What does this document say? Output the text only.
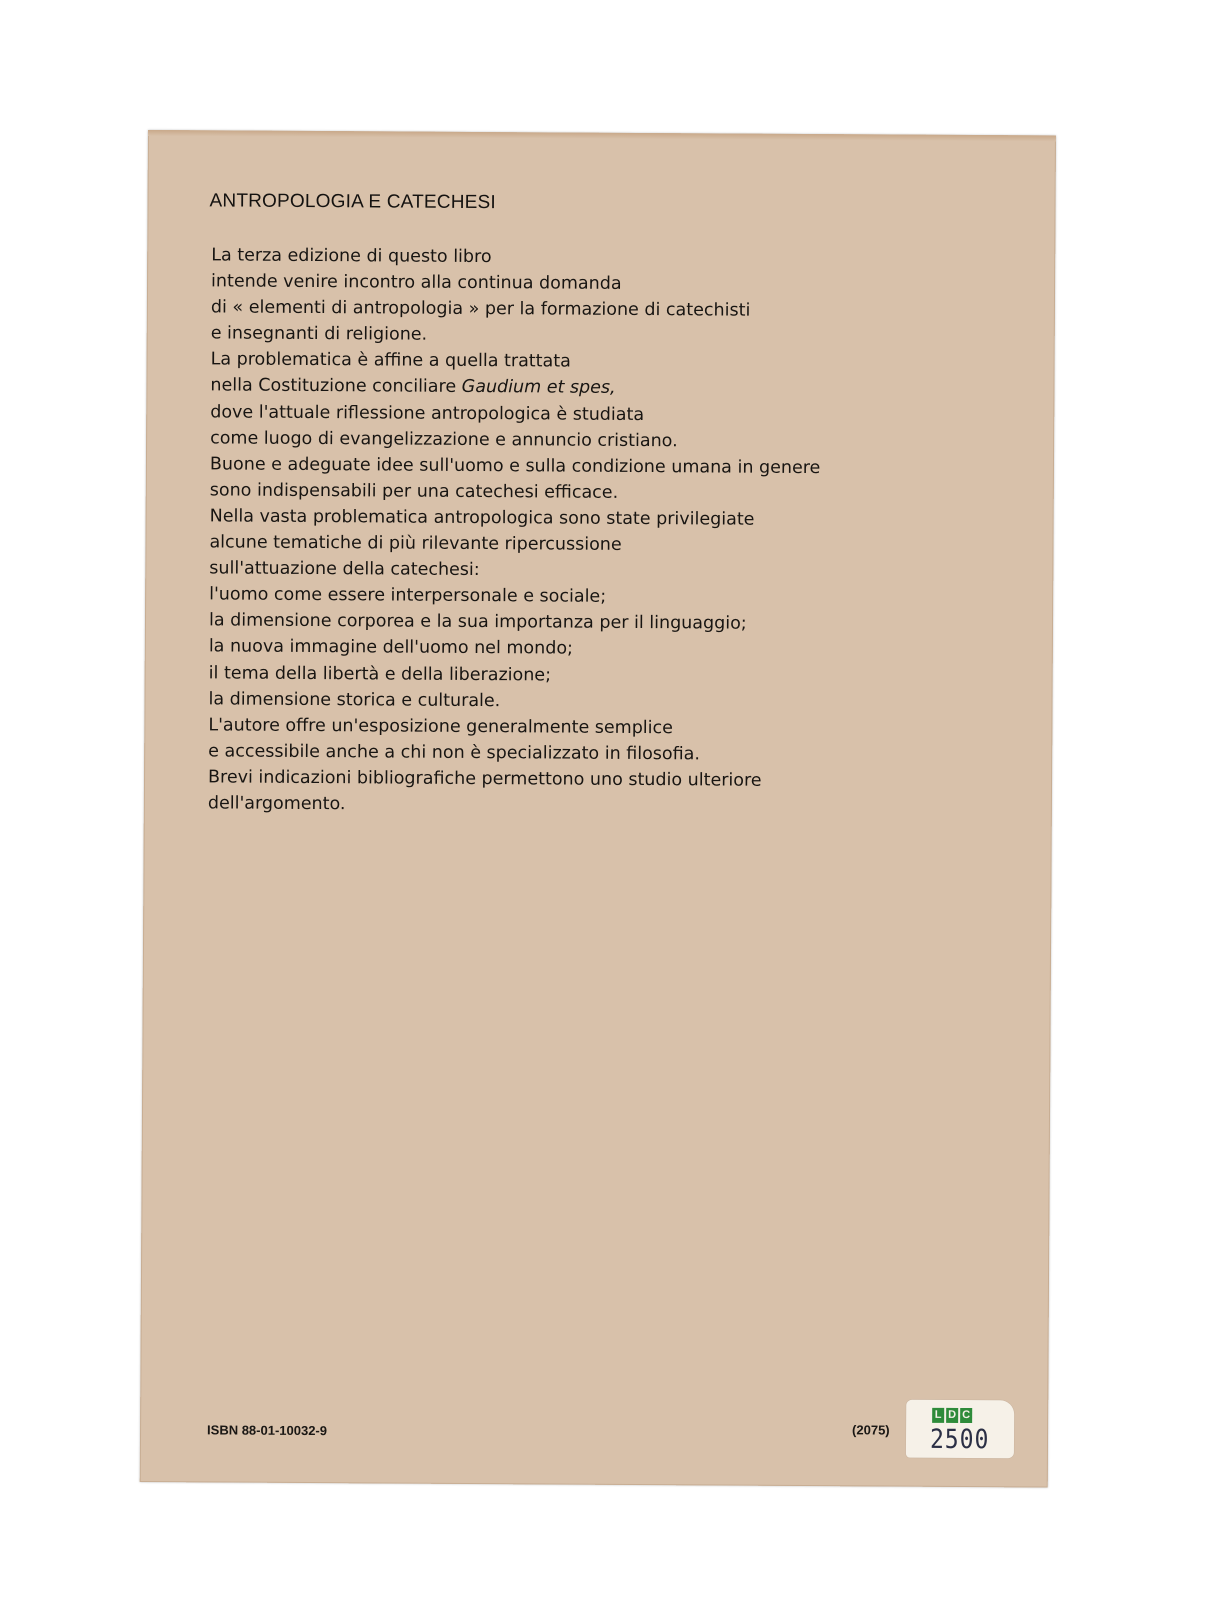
ANTROPOLOGIA E CATECHESI
La terza edizione di questo libro
intende venire incontro alla continua domanda
di « elementi di antropologia » per la formazione di catechisti
e insegnanti di religione.
La problematica è affine a quella trattata
nella Costituzione conciliare Gaudium et spes,
dove l'attuale riflessione antropologica è studiata
come luogo di evangelizzazione e annuncio cristiano.
Buone e adeguate idee sull'uomo e sulla condizione umana in genere
sono indispensabili per una catechesi efficace.
Nella vasta problematica antropologica sono state privilegiate
alcune tematiche di più rilevante ripercussione
sull'attuazione della catechesi:
l'uomo come essere interpersonale e sociale;
la dimensione corporea e la sua importanza per il linguaggio;
la nuova immagine dell'uomo nel mondo;
il tema della libertà e della liberazione;
la dimensione storica e culturale.
L'autore offre un'esposizione generalmente semplice
e accessibile anche a chi non è specializzato in filosofia.
Brevi indicazioni bibliografiche permettono uno studio ulteriore
dell'argomento.
ISBN 88-01-10032-9	(2075)
L D C
2500
